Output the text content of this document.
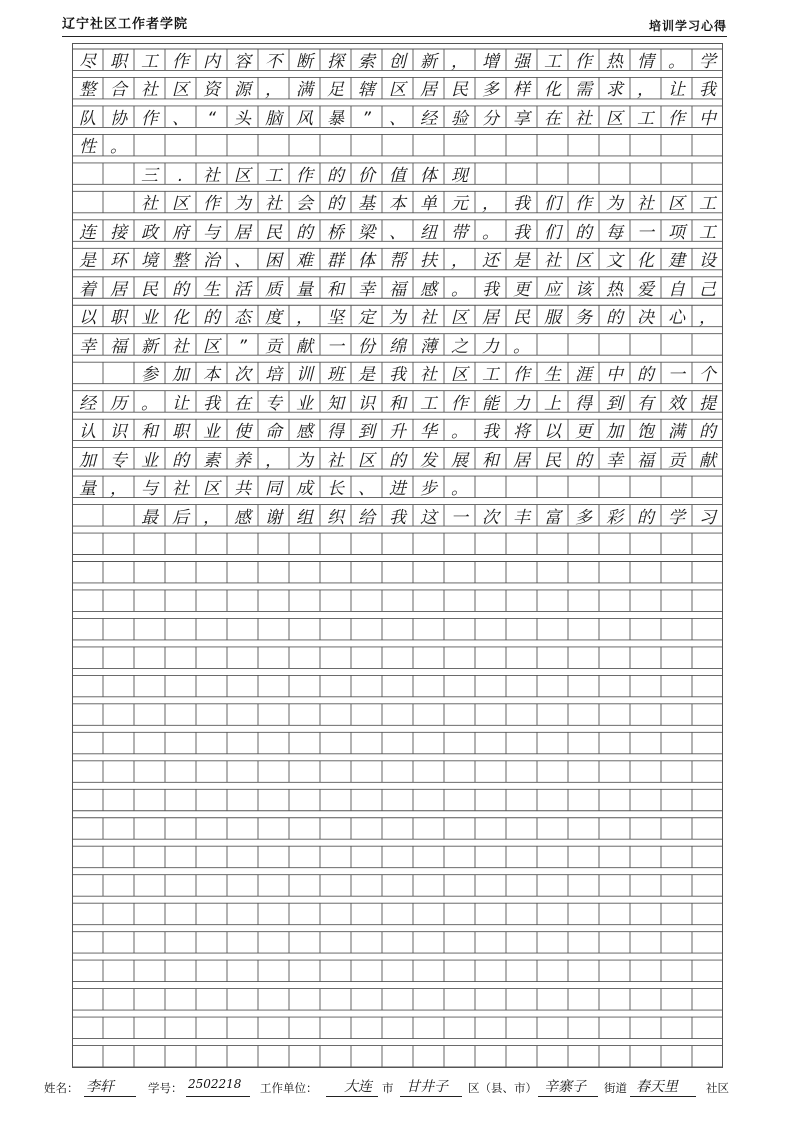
辽宁社区工作者学院	培训学习心得
尽 职 工 作 内 容 不 断 探 索 创 新 ， 增 强 工 作 热 情 。 学
整 合 社 区 资 源 ， 满 足 辖 区 居 民 多 样 化 需 求 ， 让 我
队 协 作 、	“	头 脑 风 暴	”	、 经 验 分 享 在 社 区 工 作 中
性 。
三	.	社 区 工 作 的 价 值 体 现
社 区 作 为 社 会 的 基 本 单 元 ， 我 们 作 为 社 区 工
连 接 政 府 与 居 民 的 桥 梁 、 纽 带 。 我 们 的 每 一 项 工
是 环 境 整 治 、 困 难 群 体 帮 扶 ， 还 是 社 区 文 化 建 设
着 居 民 的 生 活 质 量 和 幸 福 感 。 我 更 应 该 热 爱 自 己
以 职 业 化 的 态 度 ， 坚 定 为 社 区 居 民 服 务 的 决 心 ，
幸 福 新 社 区	”	贡 献 一 份 绵 薄 之 力 。
参 加 本 次 培 训 班 是 我 社 区 工 作 生 涯 中 的 一 个
经 历 。 让 我 在 专 业 知 识 和 工 作 能 力 上 得 到 有 效 提
认 识 和 职 业 使 命 感 得 到 升 华 。 我 将 以 更 加 饱 满 的
加 专 业 的 素 养 ， 为 社 区 的 发 展 和 居 民 的 幸 福 贡 献
量 ， 与 社 区 共 同 成 长 、 进 步 。
最 后 ， 感 谢 组 织 给 我 这 一 次 丰 富 多 彩 的 学 习
姓名： 李轩	学号： 2502218 工作单位： 大连 市 甘井子 区（县、市） 辛寨子 街道 春天里 社区
